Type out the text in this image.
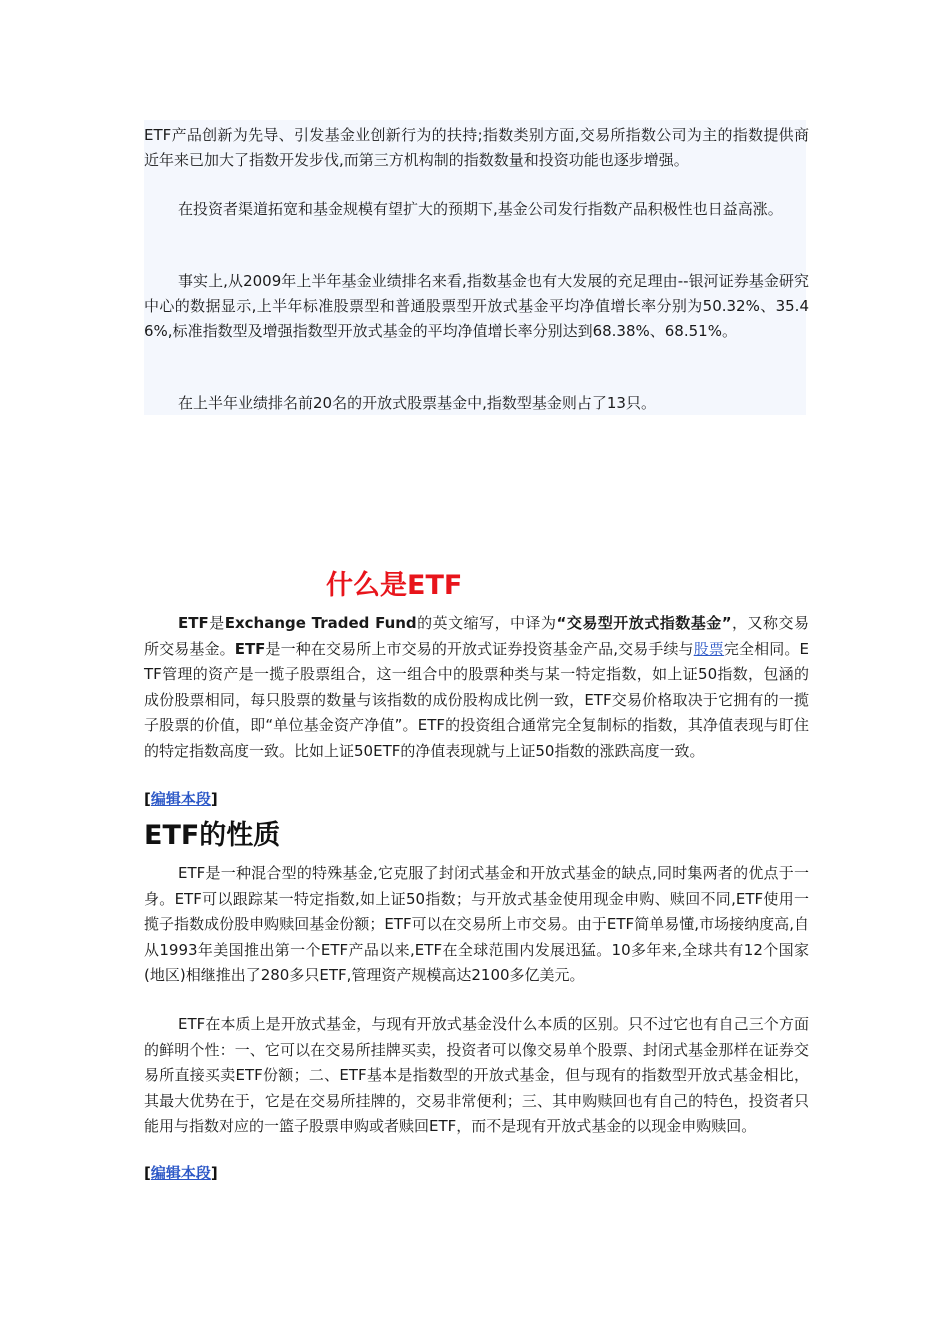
ETF产品创新为先导、引发基金业创新行为的扶持;指数类别方面,交易所指数公司为主的指数提供商近年来已加大了指数开发步伐,而第三方机构制的指数数量和投资功能也逐步增强。

在投资者渠道拓宽和基金规模有望扩大的预期下,基金公司发行指数产品积极性也日益高涨。

事实上,从2009年上半年基金业绩排名来看,指数基金也有大发展的充足理由--银河证券基金研究中心的数据显示,上半年标准股票型和普通股票型开放式基金平均净值增长率分别为50.32%、35.46%,标准指数型及增强指数型开放式基金的平均净值增长率分别达到68.38%、68.51%。

在上半年业绩排名前20名的开放式股票基金中,指数型基金则占了13只。

什么是ETF

ETF是Exchange Traded Fund的英文缩写，中译为“交易型开放式指数基金”，又称交易所交易基金。ETF是一种在交易所上市交易的开放式证券投资基金产品,交易手续与股票完全相同。ETF管理的资产是一揽子股票组合，这一组合中的股票种类与某一特定指数，如上证50指数，包涵的成份股票相同，每只股票的数量与该指数的成份股构成比例一致，ETF交易价格取决于它拥有的一揽子股票的价值，即“单位基金资产净值”。ETF的投资组合通常完全复制标的指数，其净值表现与盯住的特定指数高度一致。比如上证50ETF的净值表现就与上证50指数的涨跌高度一致。

[编辑本段]

ETF的性质

ETF是一种混合型的特殊基金,它克服了封闭式基金和开放式基金的缺点,同时集两者的优点于一身。ETF可以跟踪某一特定指数,如上证50指数；与开放式基金使用现金申购、赎回不同,ETF使用一揽子指数成份股申购赎回基金份额；ETF可以在交易所上市交易。由于ETF简单易懂,市场接纳度高,自从1993年美国推出第一个ETF产品以来,ETF在全球范围内发展迅猛。10多年来,全球共有12个国家(地区)相继推出了280多只ETF,管理资产规模高达2100多亿美元。

ETF在本质上是开放式基金，与现有开放式基金没什么本质的区别。只不过它也有自己三个方面的鲜明个性：一、它可以在交易所挂牌买卖，投资者可以像交易单个股票、封闭式基金那样在证券交易所直接买卖ETF份额；二、ETF基本是指数型的开放式基金，但与现有的指数型开放式基金相比，其最大优势在于，它是在交易所挂牌的，交易非常便利；三、其申购赎回也有自己的特色，投资者只能用与指数对应的一篮子股票申购或者赎回ETF，而不是现有开放式基金的以现金申购赎回。

[编辑本段]
